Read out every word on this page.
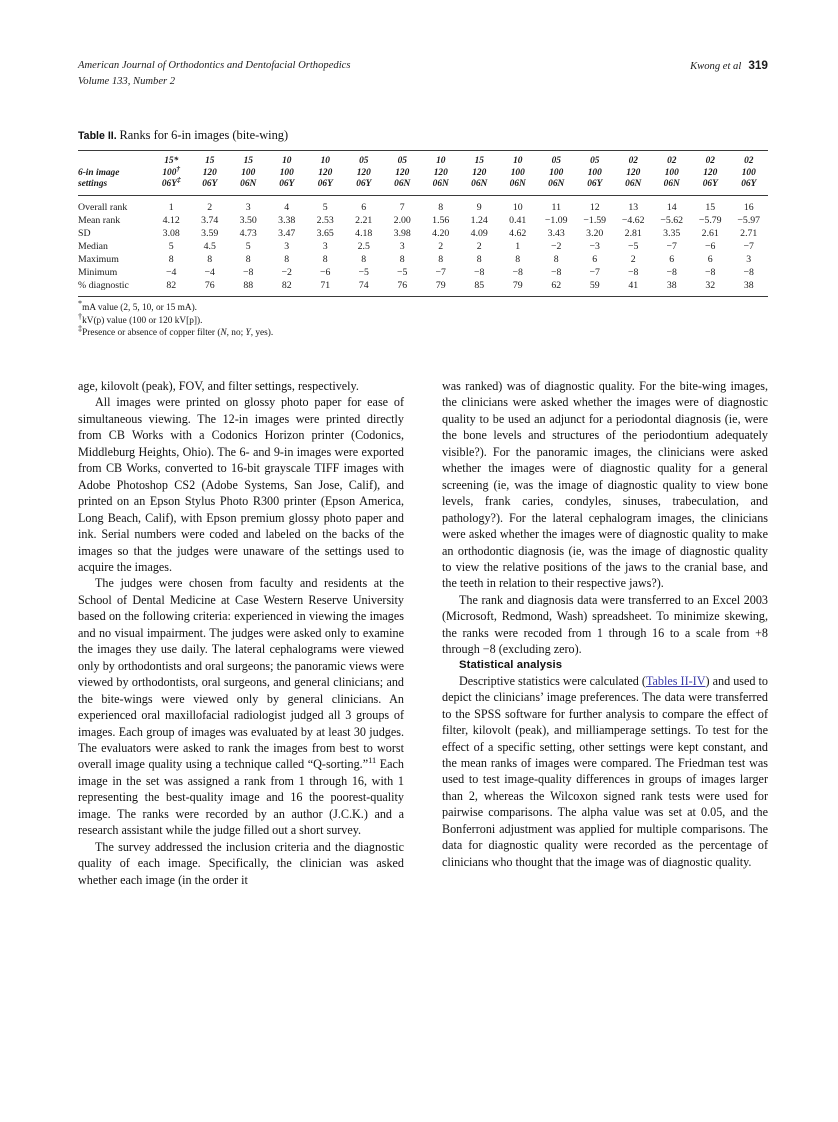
American Journal of Orthodontics and Dentofacial Orthopedics
Volume 133, Number 2
Kwong et al 319
Table II. Ranks for 6-in images (bite-wing)

	15*	15	15	10	10	05	05	10	15	10	05	05	02	02	02	02
6-in image	100†	120	100	100	120	120	120	120	120	100	100	100	120	100	120	100
settings	06Y‡	06Y	06N	06Y	06Y	06Y	06N	06N	06N	06N	06N	06Y	06N	06N	06Y	06Y

Overall rank	1	2	3	4	5	6	7	8	9	10	11	12	13	14	15	16
Mean rank	4.12	3.74	3.50	3.38	2.53	2.21	2.00	1.56	1.24	0.41	−1.09	−1.59	−4.62	−5.62	−5.79	−5.97
SD	3.08	3.59	4.73	3.47	3.65	4.18	3.98	4.20	4.09	4.62	3.43	3.20	2.81	3.35	2.61	2.71
Median	5	4.5	5	3	3	2.5	3	2	2	1	−2	−3	−5	−7	−6	−7
Maximum	8	8	8	8	8	8	8	8	8	8	8	6	2	6	6	3
Minimum	−4	−4	−8	−2	−6	−5	−5	−7	−8	−8	−8	−7	−8	−8	−8	−8
% diagnostic	82	76	88	82	71	74	76	79	85	79	62	59	41	38	32	38

*mA value (2, 5, 10, or 15 mA).
†kV(p) value (100 or 120 kV[p]).
‡Presence or absence of copper filter (N, no; Y, yes).

age, kilovolt (peak), FOV, and filter settings, respectively.

All images were printed on glossy photo paper for ease of simultaneous viewing. The 12-in images were printed directly from CB Works with a Codonics Horizon printer (Codonics, Middleburg Heights, Ohio). The 6- and 9-in images were exported from CB Works, converted to 16-bit grayscale TIFF images with Adobe Photoshop CS2 (Adobe Systems, San Jose, Calif), and printed on an Epson Stylus Photo R300 printer (Epson America, Long Beach, Calif), with Epson premium glossy photo paper and ink. Serial numbers were coded and labeled on the backs of the images so that the judges were unaware of the settings used to acquire the images.

The judges were chosen from faculty and residents at the School of Dental Medicine at Case Western Reserve University based on the following criteria: experienced in viewing the images and no visual impairment. The judges were asked only to examine the images they use daily. The lateral cephalograms were viewed only by orthodontists and oral surgeons; the panoramic views were viewed by orthodontists, oral surgeons, and general clinicians; and the bite-wings were viewed only by general clinicians. An experienced oral maxillofacial radiologist judged all 3 groups of images. Each group of images was evaluated by at least 30 judges. The evaluators were asked to rank the images from best to worst overall image quality using a technique called “Q-sorting.”$^{11}$ Each image in the set was assigned a rank from 1 through 16, with 1 representing the best-quality image and 16 the poorest-quality image. The ranks were recorded by an author (J.C.K.) and a research assistant while the judge filled out a short survey.

The survey addressed the inclusion criteria and the diagnostic quality of each image. Specifically, the clinician was asked whether each image (in the order it

was ranked) was of diagnostic quality. For the bite-wing images, the clinicians were asked whether the images were of diagnostic quality to be used an adjunct for a periodontal diagnosis (ie, were the bone levels and structures of the periodontium adequately visible?). For the panoramic images, the clinicians were asked whether the images were of diagnostic quality for a general screening (ie, was the image of diagnostic quality to view bone levels, frank caries, condyles, sinuses, trabeculation, and pathology?). For the lateral cephalogram images, the clinicians were asked whether the images were of diagnostic quality to make an orthodontic diagnosis (ie, was the image of diagnostic quality to view the relative positions of the jaws to the cranial base, and the teeth in relation to their respective jaws?).

The rank and diagnosis data were transferred to an Excel 2003 (Microsoft, Redmond, Wash) spreadsheet. To minimize skewing, the ranks were recoded from 1 through 16 to a scale from +8 through −8 (excluding zero).

Statistical analysis

Descriptive statistics were calculated (Tables II-IV) and used to depict the clinicians’ image preferences. The data were transferred to the SPSS software for further analysis to compare the effect of filter, kilovolt (peak), and milliamperage settings. To test for the effect of a specific setting, other settings were kept constant, and the mean ranks of images were compared. The Friedman test was used to test image-quality differences in groups of images larger than 2, whereas the Wilcoxon signed rank tests were used for pairwise comparisons. The alpha value was set at 0.05, and the Bonferroni adjustment was applied for multiple comparisons. The data for diagnostic quality were recorded as the percentage of clinicians who thought that the image was of diagnostic quality.
